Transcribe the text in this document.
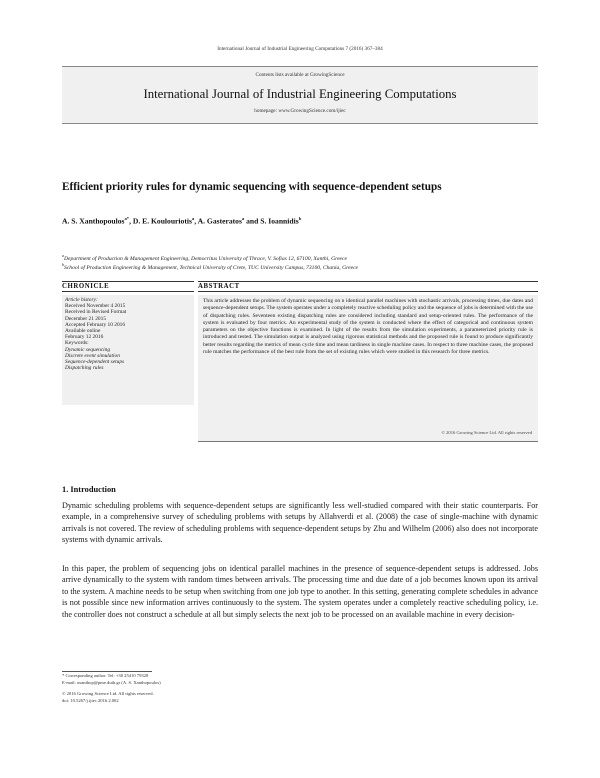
International Journal of Industrial Engineering Computations 7 (2016) 367–384
Contents lists available at GrowingScience
International Journal of Industrial Engineering Computations
homepage: www.GrowingScience.com/ijiec
Efficient priority rules for dynamic sequencing with sequence-dependent setups
A. S. Xanthopoulos$^{a*}$, D. E. Koulouriotis$^a$, A. Gasteratos$^a$ and S. Ioannidis$^b$
$^a$Department of Production & Management Engineering, Democritus University of Thrace, V. Sofias 12, 67100, Xanthi, Greece
$^b$School of Production Engineering & Management, Technical University of Crete, TUC University Campus, 73100, Chania, Greece
CHRONICLE	ABSTRACT
Article history:
Received November 4 2015
Received in Revised Format
December 21 2015
Accepted February 10 2016
Available online
February 12 2016
Keywords:
Dynamic sequencing
Discrete event simulation
Sequence-dependent setups
Dispatching rules
This article addresses the problem of dynamic sequencing on n identical parallel machines with stochastic arrivals, processing times, due dates and sequence-dependent setups. The system operates under a completely reactive scheduling policy and the sequence of jobs is determined with the use of dispatching rules. Seventeen existing dispatching rules are considered including standard and setup-oriented rules. The performance of the system is evaluated by four metrics. An experimental study of the system is conducted where the effect of categorical and continuous system parameters on the objective functions is examined. In light of the results from the simulation experiments, a parameterized priority rule is introduced and tested. The simulation output is analyzed using rigorous statistical methods and the proposed rule is found to produce significantly better results regarding the metrics of mean cycle time and mean tardiness in single machine cases. In respect to three machine cases, the proposed rule matches the performance of the best rule from the set of existing rules which were studied in this research for three metrics.
© 2016 Growing Science Ltd. All rights reserved
1. Introduction
Dynamic scheduling problems with sequence-dependent setups are significantly less well-studied compared with their static counterparts. For example, in a comprehensive survey of scheduling problems with setups by Allahverdi et al. (2008) the case of single-machine with dynamic arrivals is not covered. The review of scheduling problems with sequence-dependent setups by Zhu and Wilhelm (2006) also does not incorporate systems with dynamic arrivals.
In this paper, the problem of sequencing jobs on identical parallel machines in the presence of sequence-dependent setups is addressed. Jobs arrive dynamically to the system with random times between arrivals. The processing time and due date of a job becomes known upon its arrival to the system. A machine needs to be setup when switching from one job type to another. In this setting, generating complete schedules in advance is not possible since new information arrives continuously to the system. The system operates under a completely reactive scheduling policy, i.e. the controller does not construct a schedule at all but simply selects the next job to be processed on an available machine in every decision-
* Corresponding author. Tel: +30 25410 79328
E-mail: axanthop@pme.duth.gr (A. S. Xanthopoulos)
© 2016 Growing Science Ltd. All rights reserved.
doi: 10.5267/j.ijiec.2016.2.002
